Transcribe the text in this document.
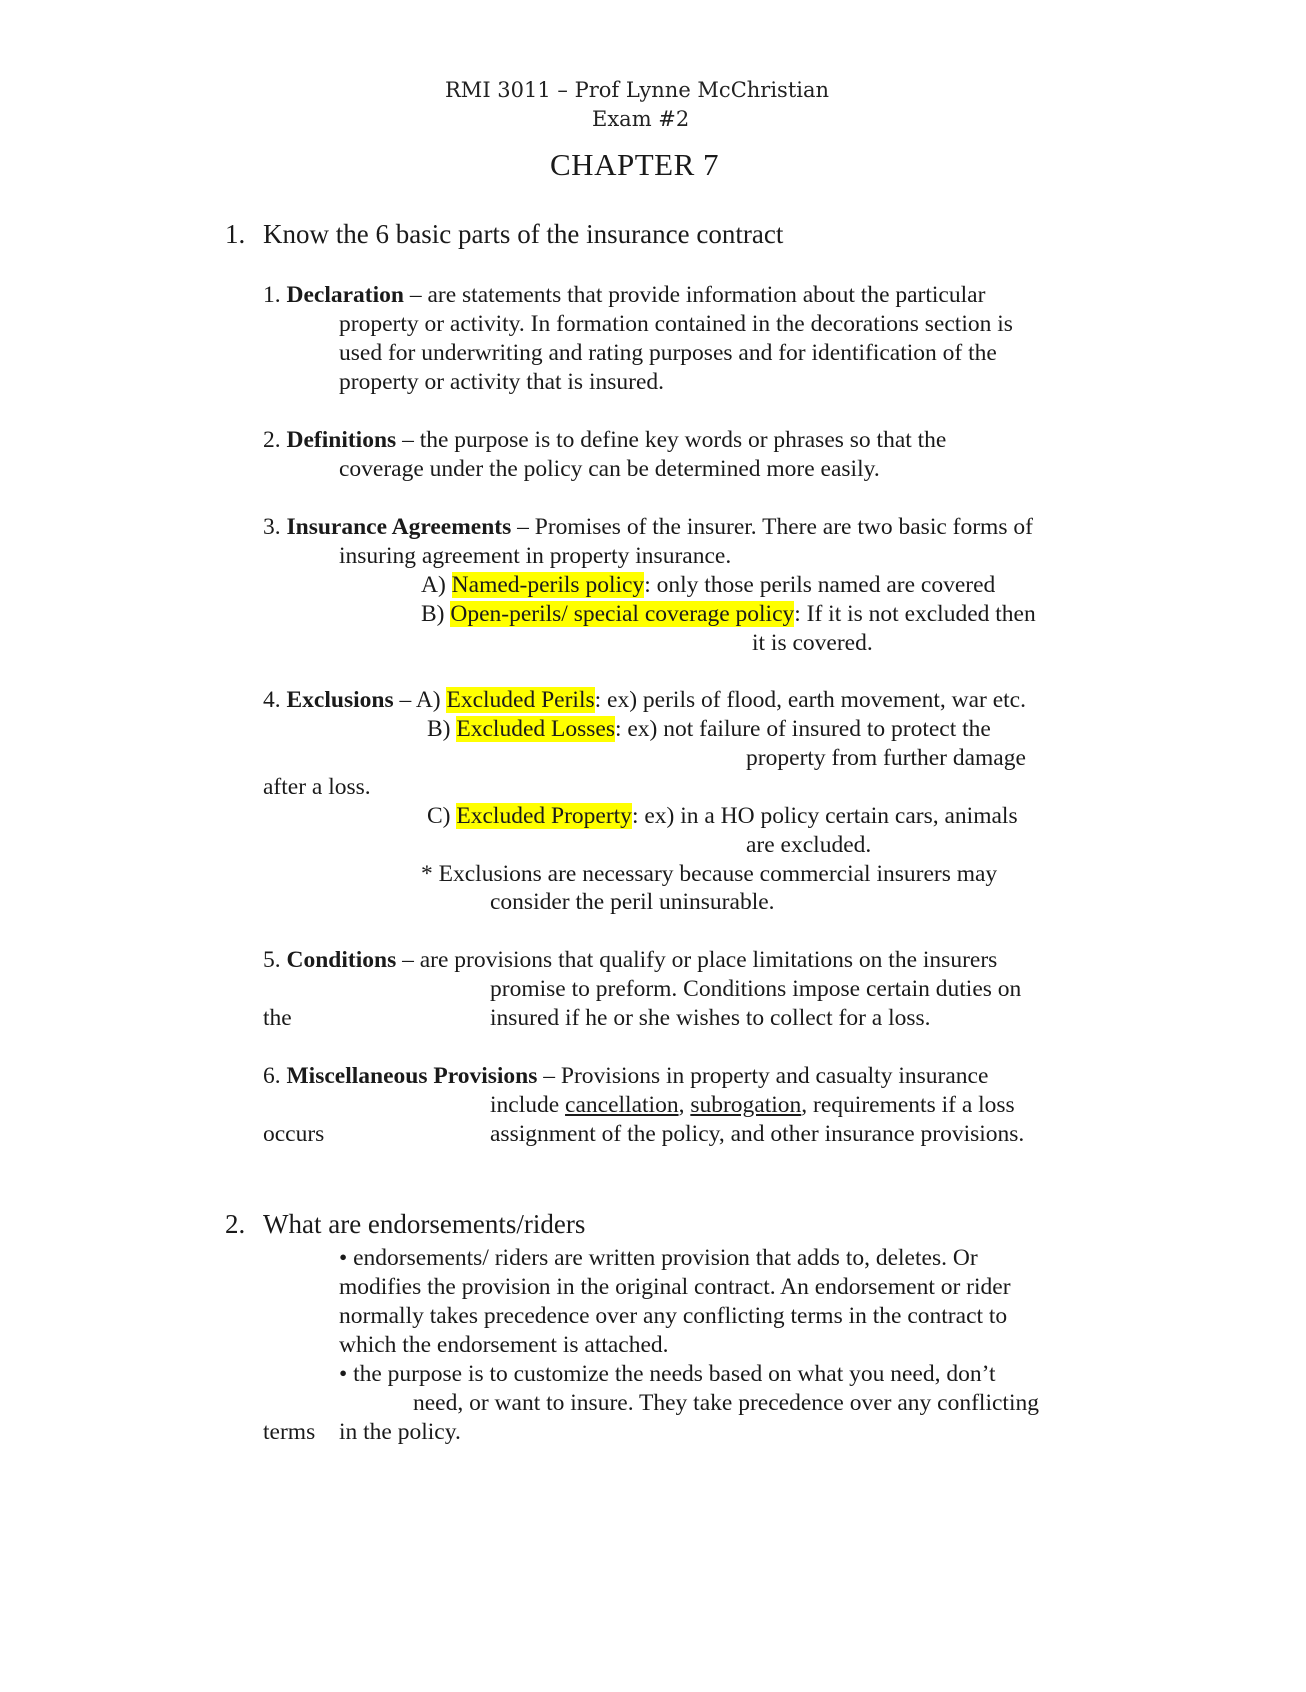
RMI 3011 – Prof Lynne McChristian
Exam #2
CHAPTER 7
1. Know the 6 basic parts of the insurance contract
1. Declaration – are statements that provide information about the particular
property or activity. In formation contained in the decorations section is
used for underwriting and rating purposes and for identification of the
property or activity that is insured.
2. Definitions – the purpose is to define key words or phrases so that the
coverage under the policy can be determined more easily.
3. Insurance Agreements – Promises of the insurer. There are two basic forms of
insuring agreement in property insurance.
A) Named-perils policy: only those perils named are covered
B) Open-perils/ special coverage policy: If it is not excluded then
it is covered.
4. Exclusions – A) Excluded Perils: ex) perils of flood, earth movement, war etc.
B) Excluded Losses: ex) not failure of insured to protect the
property from further damage
after a loss.
C) Excluded Property: ex) in a HO policy certain cars, animals
are excluded.
* Exclusions are necessary because commercial insurers may
consider the peril uninsurable.
5. Conditions – are provisions that qualify or place limitations on the insurers
promise to preform. Conditions impose certain duties on
the	insured if he or she wishes to collect for a loss.
6. Miscellaneous Provisions – Provisions in property and casualty insurance
include cancellation, subrogation, requirements if a loss
occurs	assignment of the policy, and other insurance provisions.
2. What are endorsements/riders
• endorsements/ riders are written provision that adds to, deletes. Or
modifies the provision in the original contract. An endorsement or rider
normally takes precedence over any conflicting terms in the contract to
which the endorsement is attached.
• the purpose is to customize the needs based on what you need, don’t
need, or want to insure. They take precedence over any conflicting
terms in the policy.
